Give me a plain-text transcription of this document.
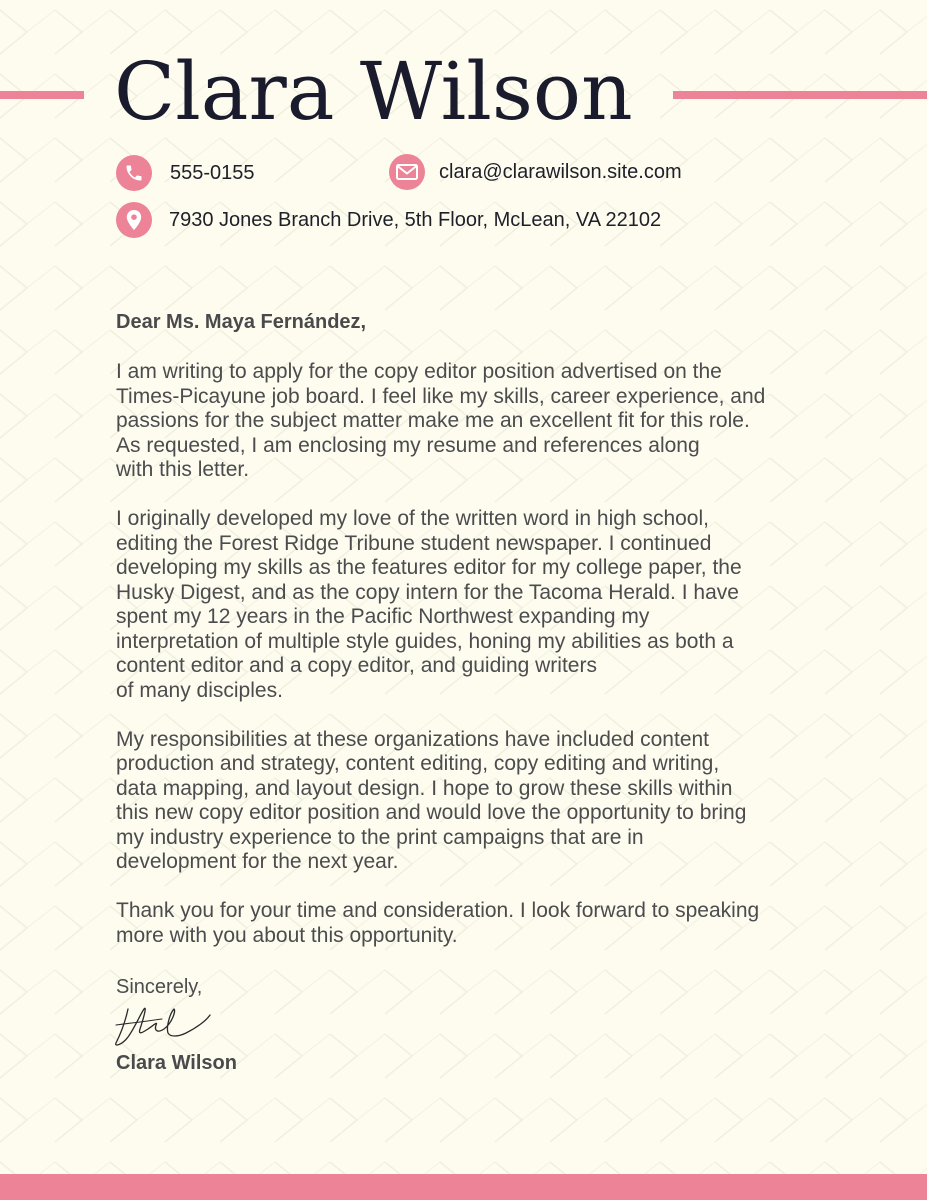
Clara Wilson
555-0155	clara@clarawilson.site.com
7930 Jones Branch Drive, 5th Floor, McLean, VA 22102

Dear Ms. Maya Fernández,

I am writing to apply for the copy editor position advertised on the
Times-Picayune job board. I feel like my skills, career experience, and
passions for the subject matter make me an excellent fit for this role.
As requested, I am enclosing my resume and references along
with this letter.

I originally developed my love of the written word in high school,
editing the Forest Ridge Tribune student newspaper. I continued
developing my skills as the features editor for my college paper, the
Husky Digest, and as the copy intern for the Tacoma Herald. I have
spent my 12 years in the Pacific Northwest expanding my
interpretation of multiple style guides, honing my abilities as both a
content editor and a copy editor, and guiding writers
of many disciples.

My responsibilities at these organizations have included content
production and strategy, content editing, copy editing and writing,
data mapping, and layout design. I hope to grow these skills within
this new copy editor position and would love the opportunity to bring
my industry experience to the print campaigns that are in
development for the next year.

Thank you for your time and consideration. I look forward to speaking
more with you about this opportunity.

Sincerely,

Clara Wilson
